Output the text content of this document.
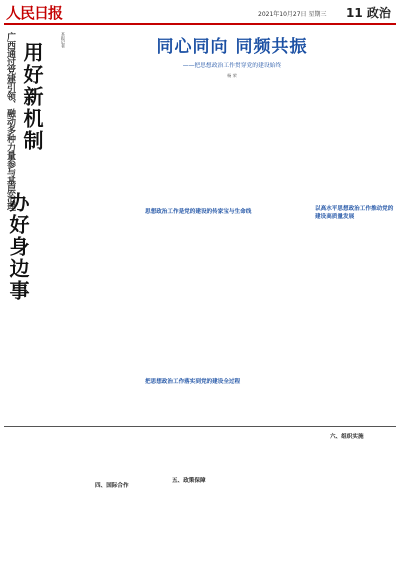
人民日报	2021年10月27日 星期三 11 政治
广西通过党建引领、融动多种力量参与基层治理 用好新机制
办好身边事
本报记者

　	同心同向 同频共振
——把思想政治工作贯穿党的建设始终
杨 荣

思想政治工作是党的建设的传家宝与生命线

把思想政治工作落实到党的建设全过程

以高水平思想政治工作推动党的建设高质量发展

四、国际合作

五、政策保障

六、组织实施
